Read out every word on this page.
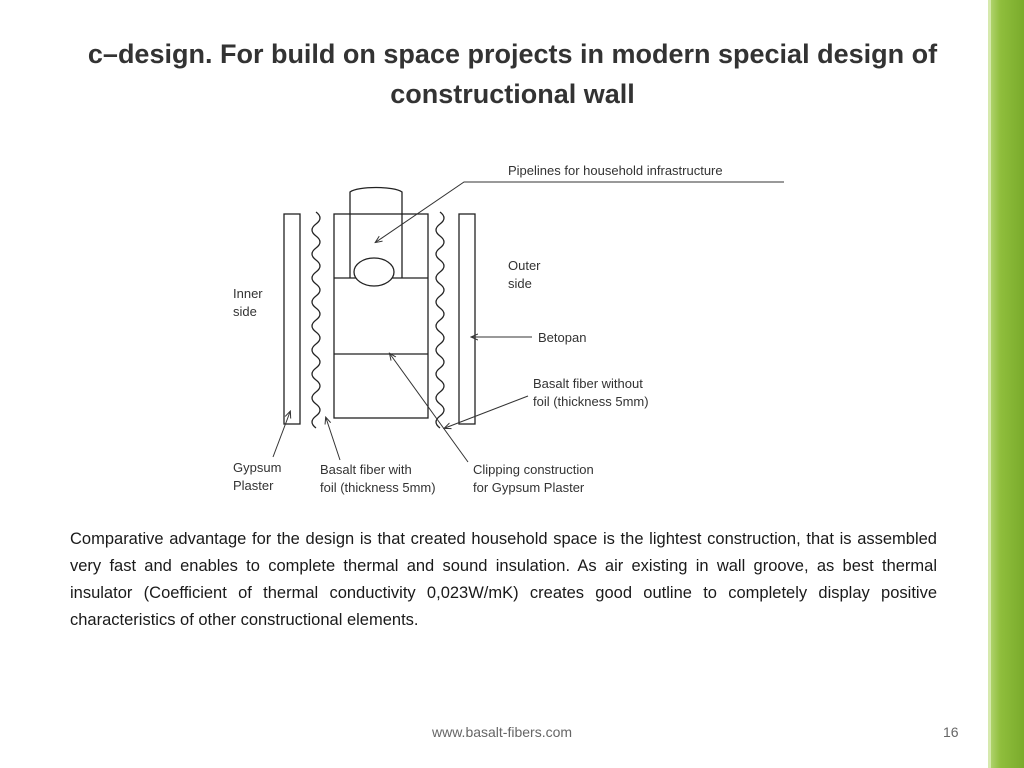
c–design. For build on space projects in modern special design of constructional wall
Pipelines for household infrastructure
Outer
side
Inner
side
Betopan
Basalt fiber without
foil (thickness 5mm)
Gypsum
Plaster
Basalt fiber with
foil (thickness 5mm)
Clipping construction
for Gypsum Plaster

Comparative advantage for the design is that created household space is the lightest construction, that is assembled very fast and enables to complete thermal and sound insulation. As air existing in wall groove, as best thermal insulator (Coefficient of thermal conductivity 0,023W/mK) creates good outline to completely display positive characteristics of other constructional elements.

www.basalt-fibers.com	16
